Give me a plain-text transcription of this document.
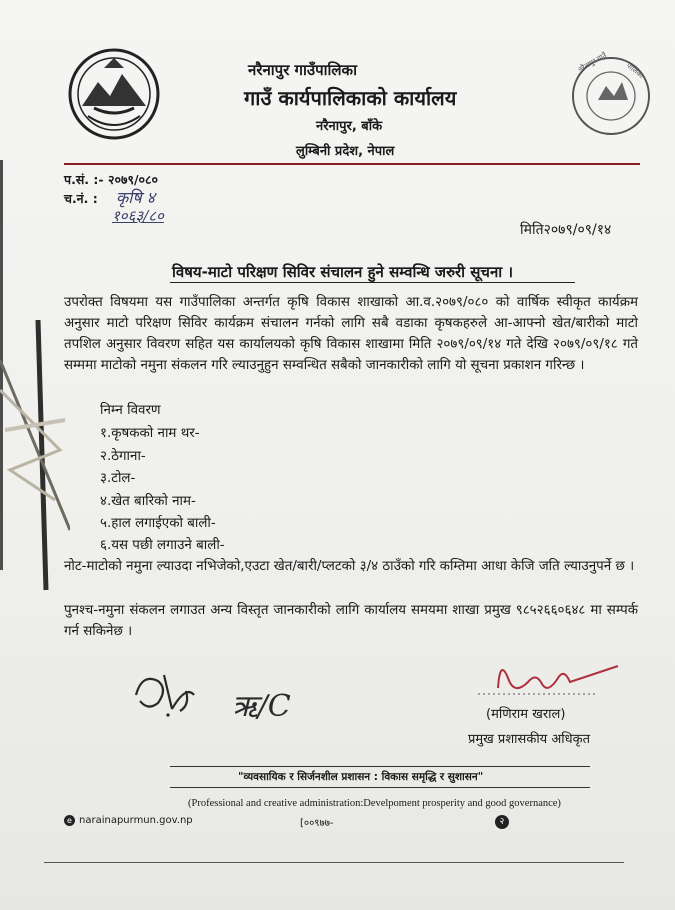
नरैनापुर गाउँपालिका
गाउँ कार्यपालिकाको कार्यालय
नरैनापुर, बाँके
लुम्बिनी प्रदेश, नेपाल
नरैनापुर गाउँ पालिका
प.सं. :- २०७९/०८०
च.नं. : कृषि ४
१०६३/८०
मिति२०७९/०९/१४
विषय-माटो परिक्षण सिविर संचालन हुने सम्वन्धि जरुरी सूचना ।
उपरोक्त विषयमा यस गाउँपालिका अन्तर्गत कृषि विकास शाखाको आ.व.२०७९/०८० को वार्षिक स्वीकृत कार्यक्रम अनुसार माटो परिक्षण सिविर कार्यक्रम संचालन गर्नको लागि सबै वडाका कृषकहरुले आ-आफ्नो खेत/बारीको माटो तपशिल अनुसार विवरण सहित यस कार्यालयको कृषि विकास शाखामा मिति २०७९/०९/१४ गते देखि २०७९/०९/१८ गते सम्ममा माटोको नमुना संकलन गरि ल्याउनुहुन सम्वन्धित सबैको जानकारीको लागि यो सूचना प्रकाशन गरिन्छ ।
निम्न विवरण
१.कृषकको नाम थर-
२.ठेगाना-
३.टोल-
४.खेत बारिको नाम-
५.हाल लगाईएको बाली-
६.यस पछी लगाउने बाली-
नोट-माटोको नमुना ल्याउदा नभिजेको,एउटा खेत/बारी/प्लटको ३/४ ठाउँको गरि कम्तिमा आधा केजि जति ल्याउनुपर्ने छ ।
पुनश्च-नमुना संकलन लगाउत अन्य विस्तृत जानकारीको लागि कार्यालय समयमा शाखा प्रमुख ९८५२६६०६४८ मा सम्पर्क गर्न सकिनेछ ।
ऋ/C	(मणिराम खराल)
प्रमुख प्रशासकीय अधिकृत
"व्यवसायिक र सिर्जनशील प्रशासन : विकास समृद्धि र सुशासन"
(Professional and creative administration:Develpoment prosperity and good governance)
e narainapurmun.gov.np	[००९७७-	२
